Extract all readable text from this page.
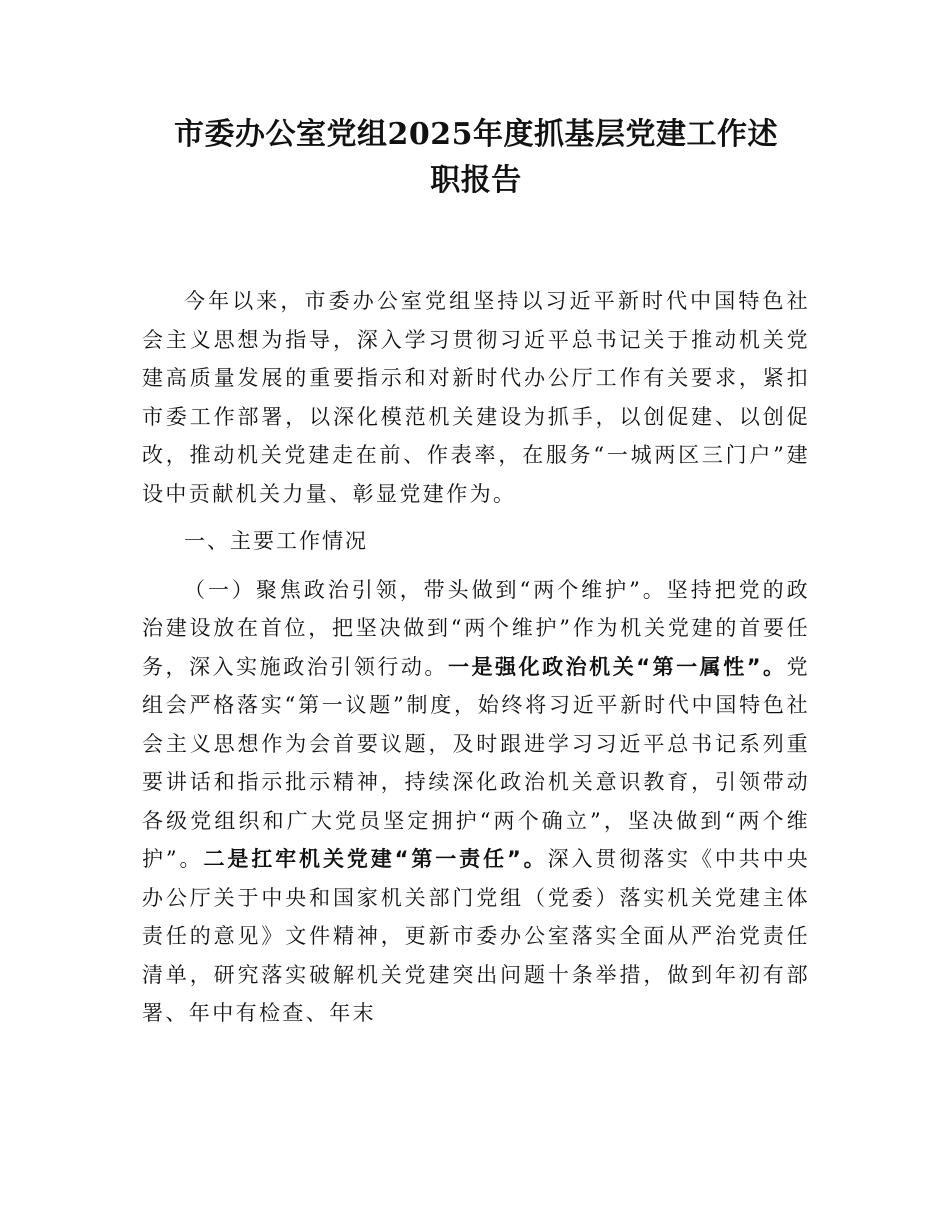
市委办公室党组2025年度抓基层党建工作述
职报告

今年以来，市委办公室党组坚持以习近平新时代中国特色社会主义思想为指导，深入学习贯彻习近平总书记关于推动机关党建高质量发展的重要指示和对新时代办公厅工作有关要求，紧扣市委工作部署，以深化模范机关建设为抓手，以创促建、以创促改，推动机关党建走在前、作表率，在服务“一城两区三门户”建设中贡献机关力量、彰显党建作为。

一、主要工作情况

（一）聚焦政治引领，带头做到“两个维护”。坚持把党的政治建设放在首位，把坚决做到“两个维护”作为机关党建的首要任务，深入实施政治引领行动。一是强化政治机关“第一属性”。党组会严格落实“第一议题”制度，始终将习近平新时代中国特色社会主义思想作为会首要议题，及时跟进学习习近平总书记系列重要讲话和指示批示精神，持续深化政治机关意识教育，引领带动各级党组织和广大党员坚定拥护“两个确立”，坚决做到“两个维护”。二是扛牢机关党建“第一责任”。深入贯彻落实《中共中央办公厅关于中央和国家机关部门党组（党委）落实机关党建主体责任的意见》文件精神，更新市委办公室落实全面从严治党责任清单，研究落实破解机关党建突出问题十条举措，做到年初有部署、年中有检查、年末
